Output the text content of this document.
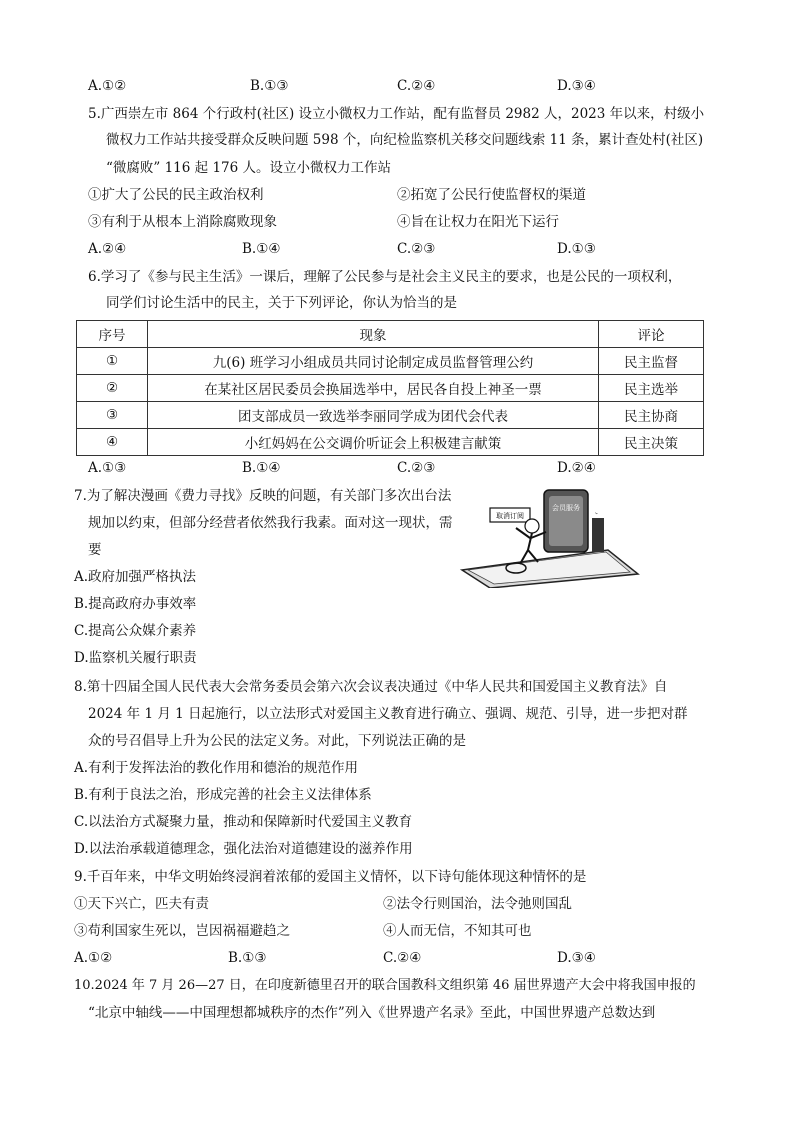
A.①②	B.①③	C.②④	D.③④
5.广西崇左市 864 个行政村(社区) 设立小微权力工作站，配有监督员 2982 人，2023 年以来，村级小
微权力工作站共接受群众反映问题 598 个，向纪检监察机关移交问题线索 11 条，累计查处村(社区)
“微腐败” 116 起 176 人。设立小微权力工作站
①扩大了公民的民主政治权利	②拓宽了公民行使监督权的渠道
③有利于从根本上消除腐败现象	④旨在让权力在阳光下运行
A.②④	B.①④	C.②③	D.①③
6.学习了《参与民主生活》一课后，理解了公民参与是社会主义民主的要求，也是公民的一项权利，
同学们讨论生活中的民主，关于下列评论，你认为恰当的是
序号	现象	评论
①	九(6) 班学习小组成员共同讨论制定成员监督管理公约	民主监督
②	在某社区居民委员会换届选举中，居民各自投上神圣一票	民主选举
③	团支部成员一致选举李丽同学成为团代会代表	民主协商
④	小红妈妈在公交调价听证会上积极建言献策	民主决策
A.①③	B.①④	C.②③	D.②④
7.为了解决漫画《费力寻找》反映的问题，有关部门多次出台法
规加以约束，但部分经营者依然我行我素。面对这一现状，需
要
A.政府加强严格执法
B.提高政府办事效率
C.提高公众媒介素养
D.监察机关履行职责
会员服务
取消订阅	‹
8.第十四届全国人民代表大会常务委员会第六次会议表决通过《中华人民共和国爱国主义教育法》自
2024 年 1 月 1 日起施行，以立法形式对爱国主义教育进行确立、强调、规范、引导，进一步把对群
众的号召倡导上升为公民的法定义务。对此，下列说法正确的是
A.有利于发挥法治的教化作用和德治的规范作用
B.有利于良法之治，形成完善的社会主义法律体系
C.以法治方式凝聚力量，推动和保障新时代爱国主义教育
D.以法治承载道德理念，强化法治对道德建设的滋养作用
9.千百年来，中华文明始终浸润着浓郁的爱国主义情怀，以下诗句能体现这种情怀的是
①天下兴亡，匹夫有责	②法令行则国治，法令弛则国乱
③苟利国家生死以，岂因祸福避趋之	④人而无信，不知其可也
A.①②	B.①③	C.②④	D.③④
10.2024 年 7 月 26—27 日，在印度新德里召开的联合国教科文组织第 46 届世界遗产大会中将我国申报的
“北京中轴线——中国理想都城秩序的杰作”列入《世界遗产名录》至此，中国世界遗产总数达到
